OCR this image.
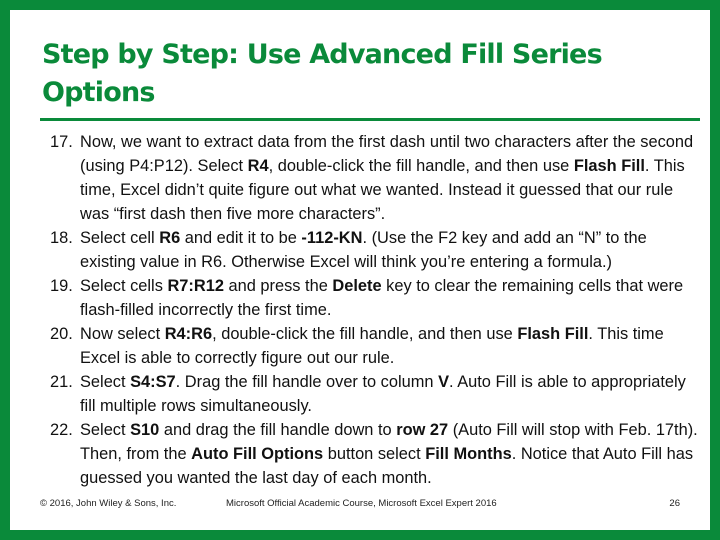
Step by Step: Use Advanced Fill Series Options
17. Now, we want to extract data from the first dash until two characters after the second (using P4:P12). Select R4, double-click the fill handle, and then use Flash Fill. This time, Excel didn’t quite figure out what we wanted. Instead it guessed that our rule was “first dash then five more characters”.
18. Select cell R6 and edit it to be -112-KN. (Use the F2 key and add an “N” to the existing value in R6. Otherwise Excel will think you’re entering a formula.)
19. Select cells R7:R12 and press the Delete key to clear the remaining cells that were flash-filled incorrectly the first time.
20. Now select R4:R6, double-click the fill handle, and then use Flash Fill. This time Excel is able to correctly figure out our rule.
21. Select S4:S7. Drag the fill handle over to column V. Auto Fill is able to appropriately fill multiple rows simultaneously.
22. Select S10 and drag the fill handle down to row 27 (Auto Fill will stop with Feb. 17th). Then, from the Auto Fill Options button select Fill Months. Notice that Auto Fill has guessed you wanted the last day of each month.
© 2016, John Wiley & Sons, Inc.	Microsoft Official Academic Course, Microsoft Excel Expert 2016	26
